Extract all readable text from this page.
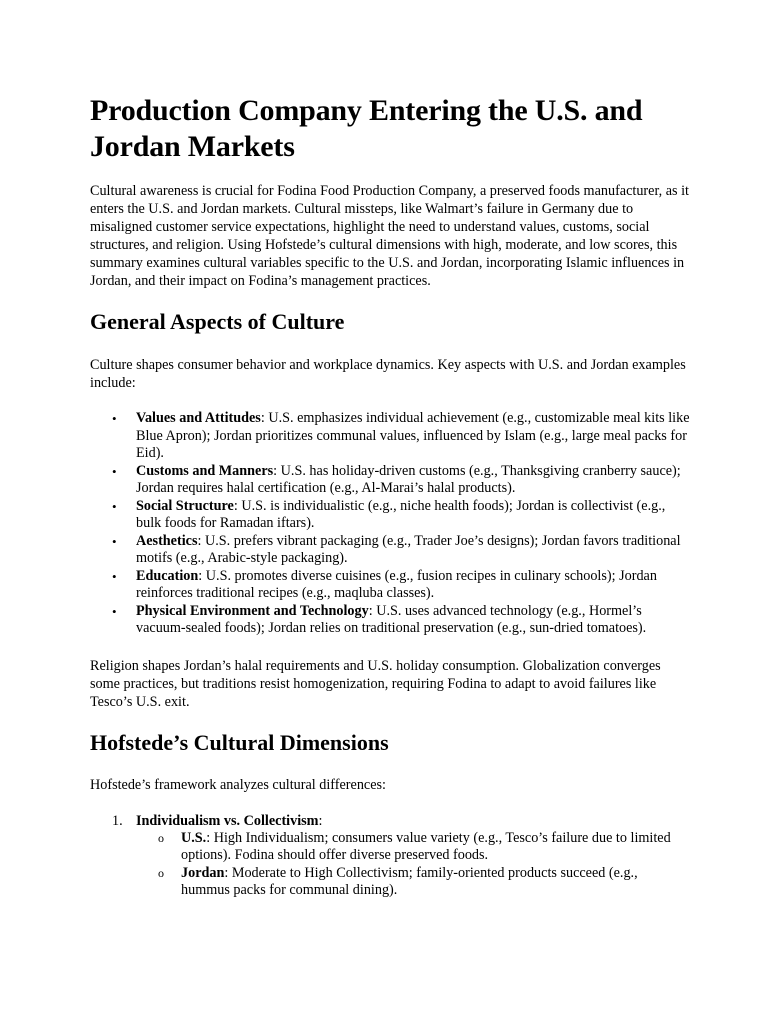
Production Company Entering the U.S. and Jordan Markets

Cultural awareness is crucial for Fodina Food Production Company, a preserved foods manufacturer, as it enters the U.S. and Jordan markets. Cultural missteps, like Walmart’s failure in Germany due to misaligned customer service expectations, highlight the need to understand values, customs, social structures, and religion. Using Hofstede’s cultural dimensions with high, moderate, and low scores, this summary examines cultural variables specific to the U.S. and Jordan, incorporating Islamic influences in Jordan, and their impact on Fodina’s management practices.

General Aspects of Culture

Culture shapes consumer behavior and workplace dynamics. Key aspects with U.S. and Jordan examples include:

• Values and Attitudes: U.S. emphasizes individual achievement (e.g., customizable meal kits like Blue Apron); Jordan prioritizes communal values, influenced by Islam (e.g., large meal packs for Eid).
• Customs and Manners: U.S. has holiday-driven customs (e.g., Thanksgiving cranberry sauce); Jordan requires halal certification (e.g., Al-Marai’s halal products).
• Social Structure: U.S. is individualistic (e.g., niche health foods); Jordan is collectivist (e.g., bulk foods for Ramadan iftars).
• Aesthetics: U.S. prefers vibrant packaging (e.g., Trader Joe’s designs); Jordan favors traditional motifs (e.g., Arabic-style packaging).
• Education: U.S. promotes diverse cuisines (e.g., fusion recipes in culinary schools); Jordan reinforces traditional recipes (e.g., maqluba classes).
• Physical Environment and Technology: U.S. uses advanced technology (e.g., Hormel’s vacuum-sealed foods); Jordan relies on traditional preservation (e.g., sun-dried tomatoes).

Religion shapes Jordan’s halal requirements and U.S. holiday consumption. Globalization converges some practices, but traditions resist homogenization, requiring Fodina to adapt to avoid failures like Tesco’s U.S. exit.

Hofstede’s Cultural Dimensions

Hofstede’s framework analyzes cultural differences:

1. Individualism vs. Collectivism:
o U.S.: High Individualism; consumers value variety (e.g., Tesco’s failure due to limited options). Fodina should offer diverse preserved foods.
o Jordan: Moderate to High Collectivism; family-oriented products succeed (e.g., hummus packs for communal dining).
